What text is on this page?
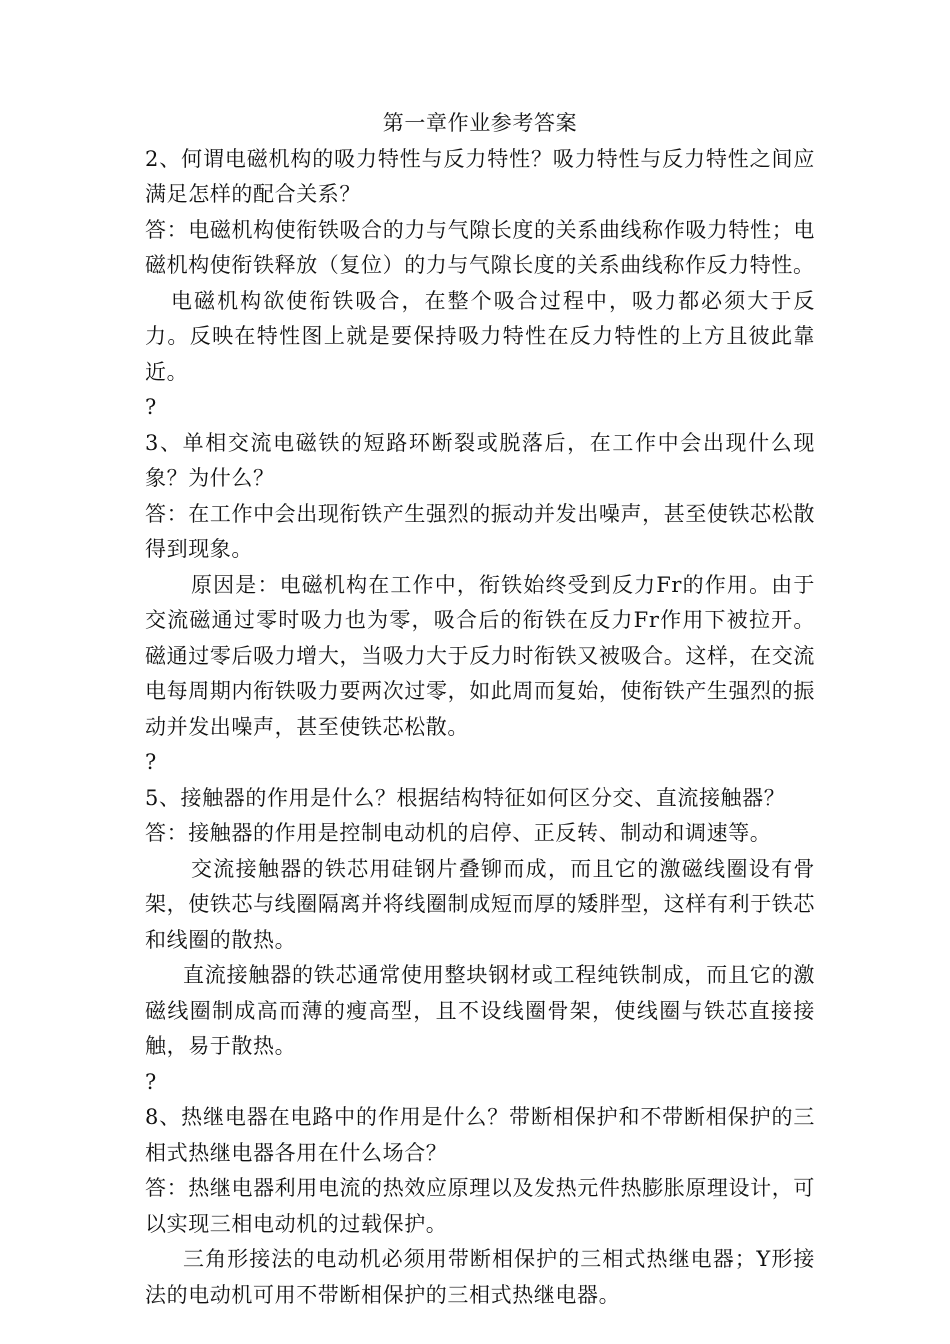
第一章作业参考答案

2、何谓电磁机构的吸力特性与反力特性？吸力特性与反力特性之间应满足怎样的配合关系？

答：电磁机构使衔铁吸合的力与气隙长度的关系曲线称作吸力特性；电磁机构使衔铁释放（复位）的力与气隙长度的关系曲线称作反力特性。

电磁机构欲使衔铁吸合，在整个吸合过程中，吸力都必须大于反力。反映在特性图上就是要保持吸力特性在反力特性的上方且彼此靠近。

?

3、单相交流电磁铁的短路环断裂或脱落后，在工作中会出现什么现象？为什么？

答：在工作中会出现衔铁产生强烈的振动并发出噪声，甚至使铁芯松散得到现象。

原因是：电磁机构在工作中，衔铁始终受到反力Fr的作用。由于交流磁通过零时吸力也为零，吸合后的衔铁在反力Fr作用下被拉开。磁通过零后吸力增大，当吸力大于反力时衔铁又被吸合。这样，在交流电每周期内衔铁吸力要两次过零，如此周而复始，使衔铁产生强烈的振动并发出噪声，甚至使铁芯松散。

?

5、接触器的作用是什么？根据结构特征如何区分交、直流接触器？

答：接触器的作用是控制电动机的启停、正反转、制动和调速等。

交流接触器的铁芯用硅钢片叠铆而成，而且它的激磁线圈设有骨架，使铁芯与线圈隔离并将线圈制成短而厚的矮胖型，这样有利于铁芯和线圈的散热。

直流接触器的铁芯通常使用整块钢材或工程纯铁制成，而且它的激磁线圈制成高而薄的瘦高型，且不设线圈骨架，使线圈与铁芯直接接触，易于散热。

?

8、热继电器在电路中的作用是什么？带断相保护和不带断相保护的三相式热继电器各用在什么场合？

答：热继电器利用电流的热效应原理以及发热元件热膨胀原理设计，可以实现三相电动机的过载保护。

三角形接法的电动机必须用带断相保护的三相式热继电器；Y形接法的电动机可用不带断相保护的三相式热继电器。
